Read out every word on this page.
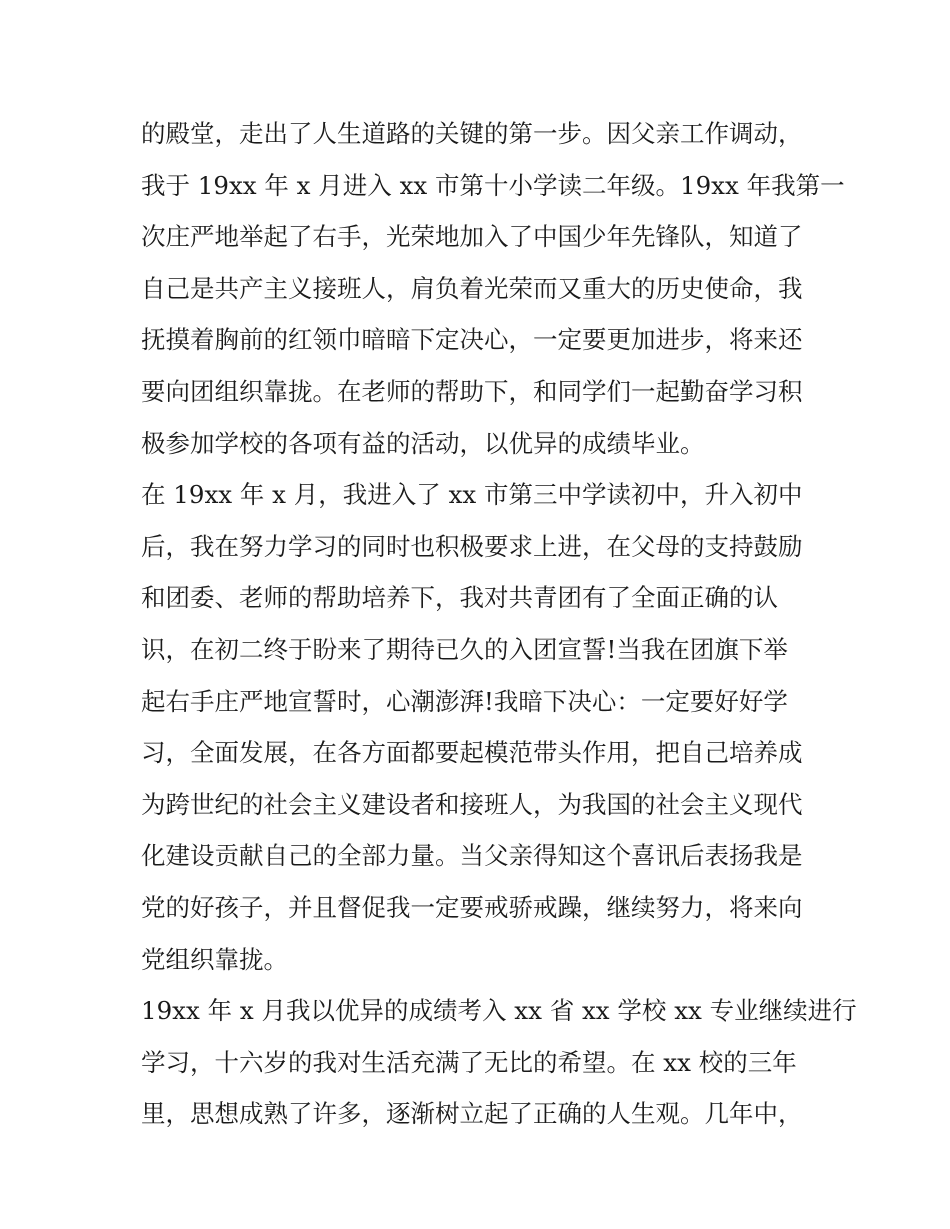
的殿堂，走出了人生道路的关键的第一步。因父亲工作调动，
我于 19xx 年 x 月进入 xx 市第十小学读二年级。19xx 年我第一
次庄严地举起了右手，光荣地加入了中国少年先锋队，知道了
自己是共产主义接班人，肩负着光荣而又重大的历史使命，我
抚摸着胸前的红领巾暗暗下定决心，一定要更加进步，将来还
要向团组织靠拢。在老师的帮助下，和同学们一起勤奋学习积
极参加学校的各项有益的活动，以优异的成绩毕业。
在 19xx 年 x 月，我进入了 xx 市第三中学读初中，升入初中
后，我在努力学习的同时也积极要求上进，在父母的支持鼓励
和团委、老师的帮助培养下，我对共青团有了全面正确的认
识，在初二终于盼来了期待已久的入团宣誓!当我在团旗下举
起右手庄严地宣誓时，心潮澎湃!我暗下决心：一定要好好学
习，全面发展，在各方面都要起模范带头作用，把自己培养成
为跨世纪的社会主义建设者和接班人，为我国的社会主义现代
化建设贡献自己的全部力量。当父亲得知这个喜讯后表扬我是
党的好孩子，并且督促我一定要戒骄戒躁，继续努力，将来向
党组织靠拢。
19xx 年 x 月我以优异的成绩考入 xx 省 xx 学校 xx 专业继续进行
学习，十六岁的我对生活充满了无比的希望。在 xx 校的三年
里，思想成熟了许多，逐渐树立起了正确的人生观。几年中，
